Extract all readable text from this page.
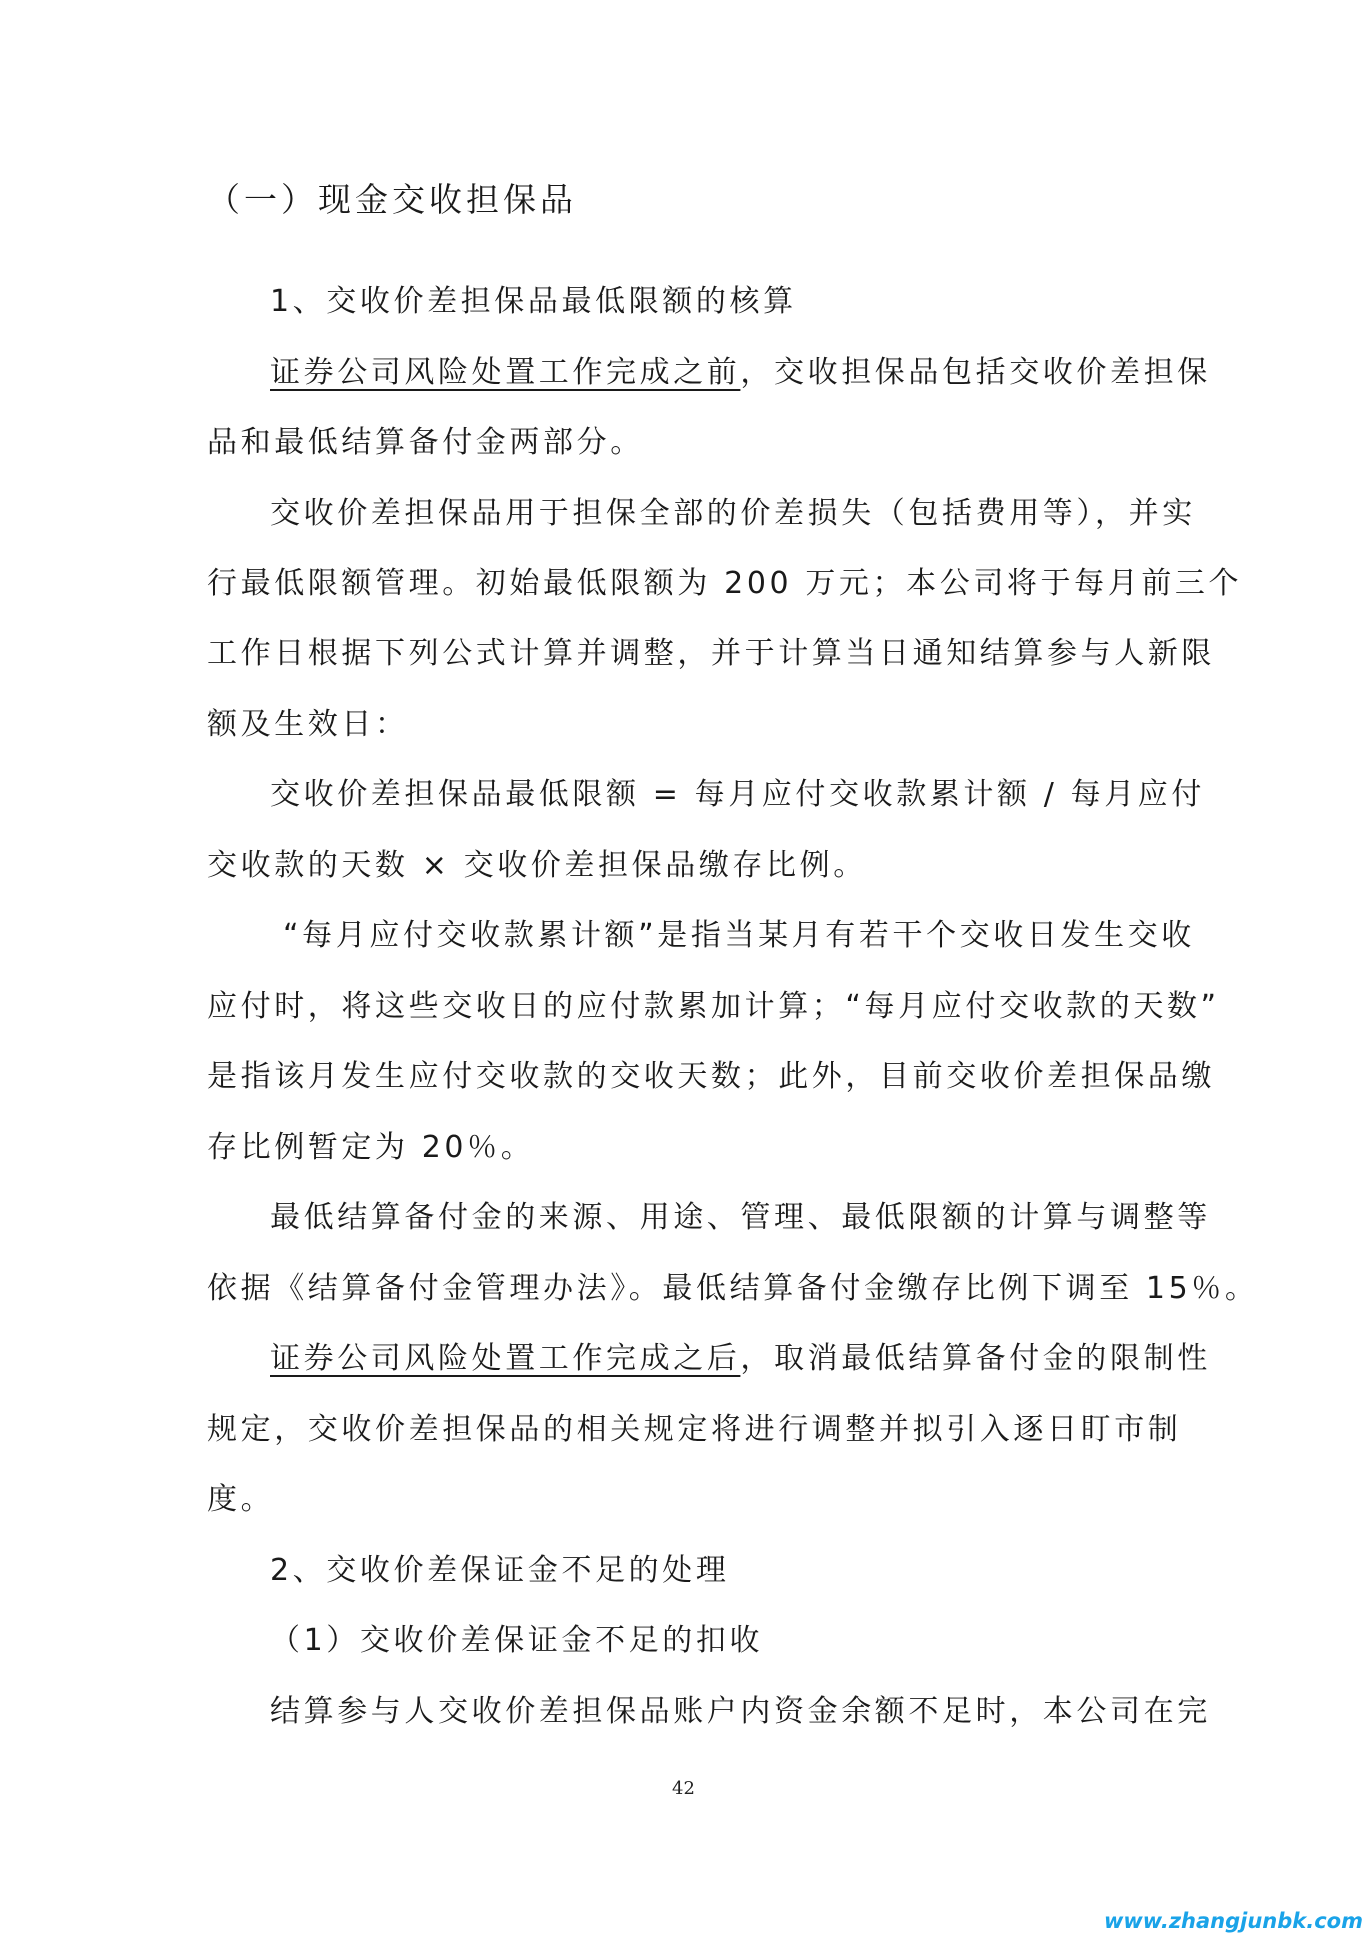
（一）现金交收担保品
1、交收价差担保品最低限额的核算
证券公司风险处置工作完成之前，交收担保品包括交收价差担保
品和最低结算备付金两部分。
交收价差担保品用于担保全部的价差损失（包括费用等），并实
行最低限额管理。初始最低限额为 200 万元；本公司将于每月前三个
工作日根据下列公式计算并调整，并于计算当日通知结算参与人新限
额及生效日：
交收价差担保品最低限额 = 每月应付交收款累计额 / 每月应付
交收款的天数 × 交收价差担保品缴存比例。
“每月应付交收款累计额”是指当某月有若干个交收日发生交收
应付时，将这些交收日的应付款累加计算；“每月应付交收款的天数”
是指该月发生应付交收款的交收天数；此外，目前交收价差担保品缴
存比例暂定为 20％。
最低结算备付金的来源、用途、管理、最低限额的计算与调整等
依据《结算备付金管理办法》。最低结算备付金缴存比例下调至 15％。
证券公司风险处置工作完成之后，取消最低结算备付金的限制性
规定，交收价差担保品的相关规定将进行调整并拟引入逐日盯市制
度。
2、交收价差保证金不足的处理
（1）交收价差保证金不足的扣收
结算参与人交收价差担保品账户内资金余额不足时，本公司在完
42
www.zhangjunbk.com
